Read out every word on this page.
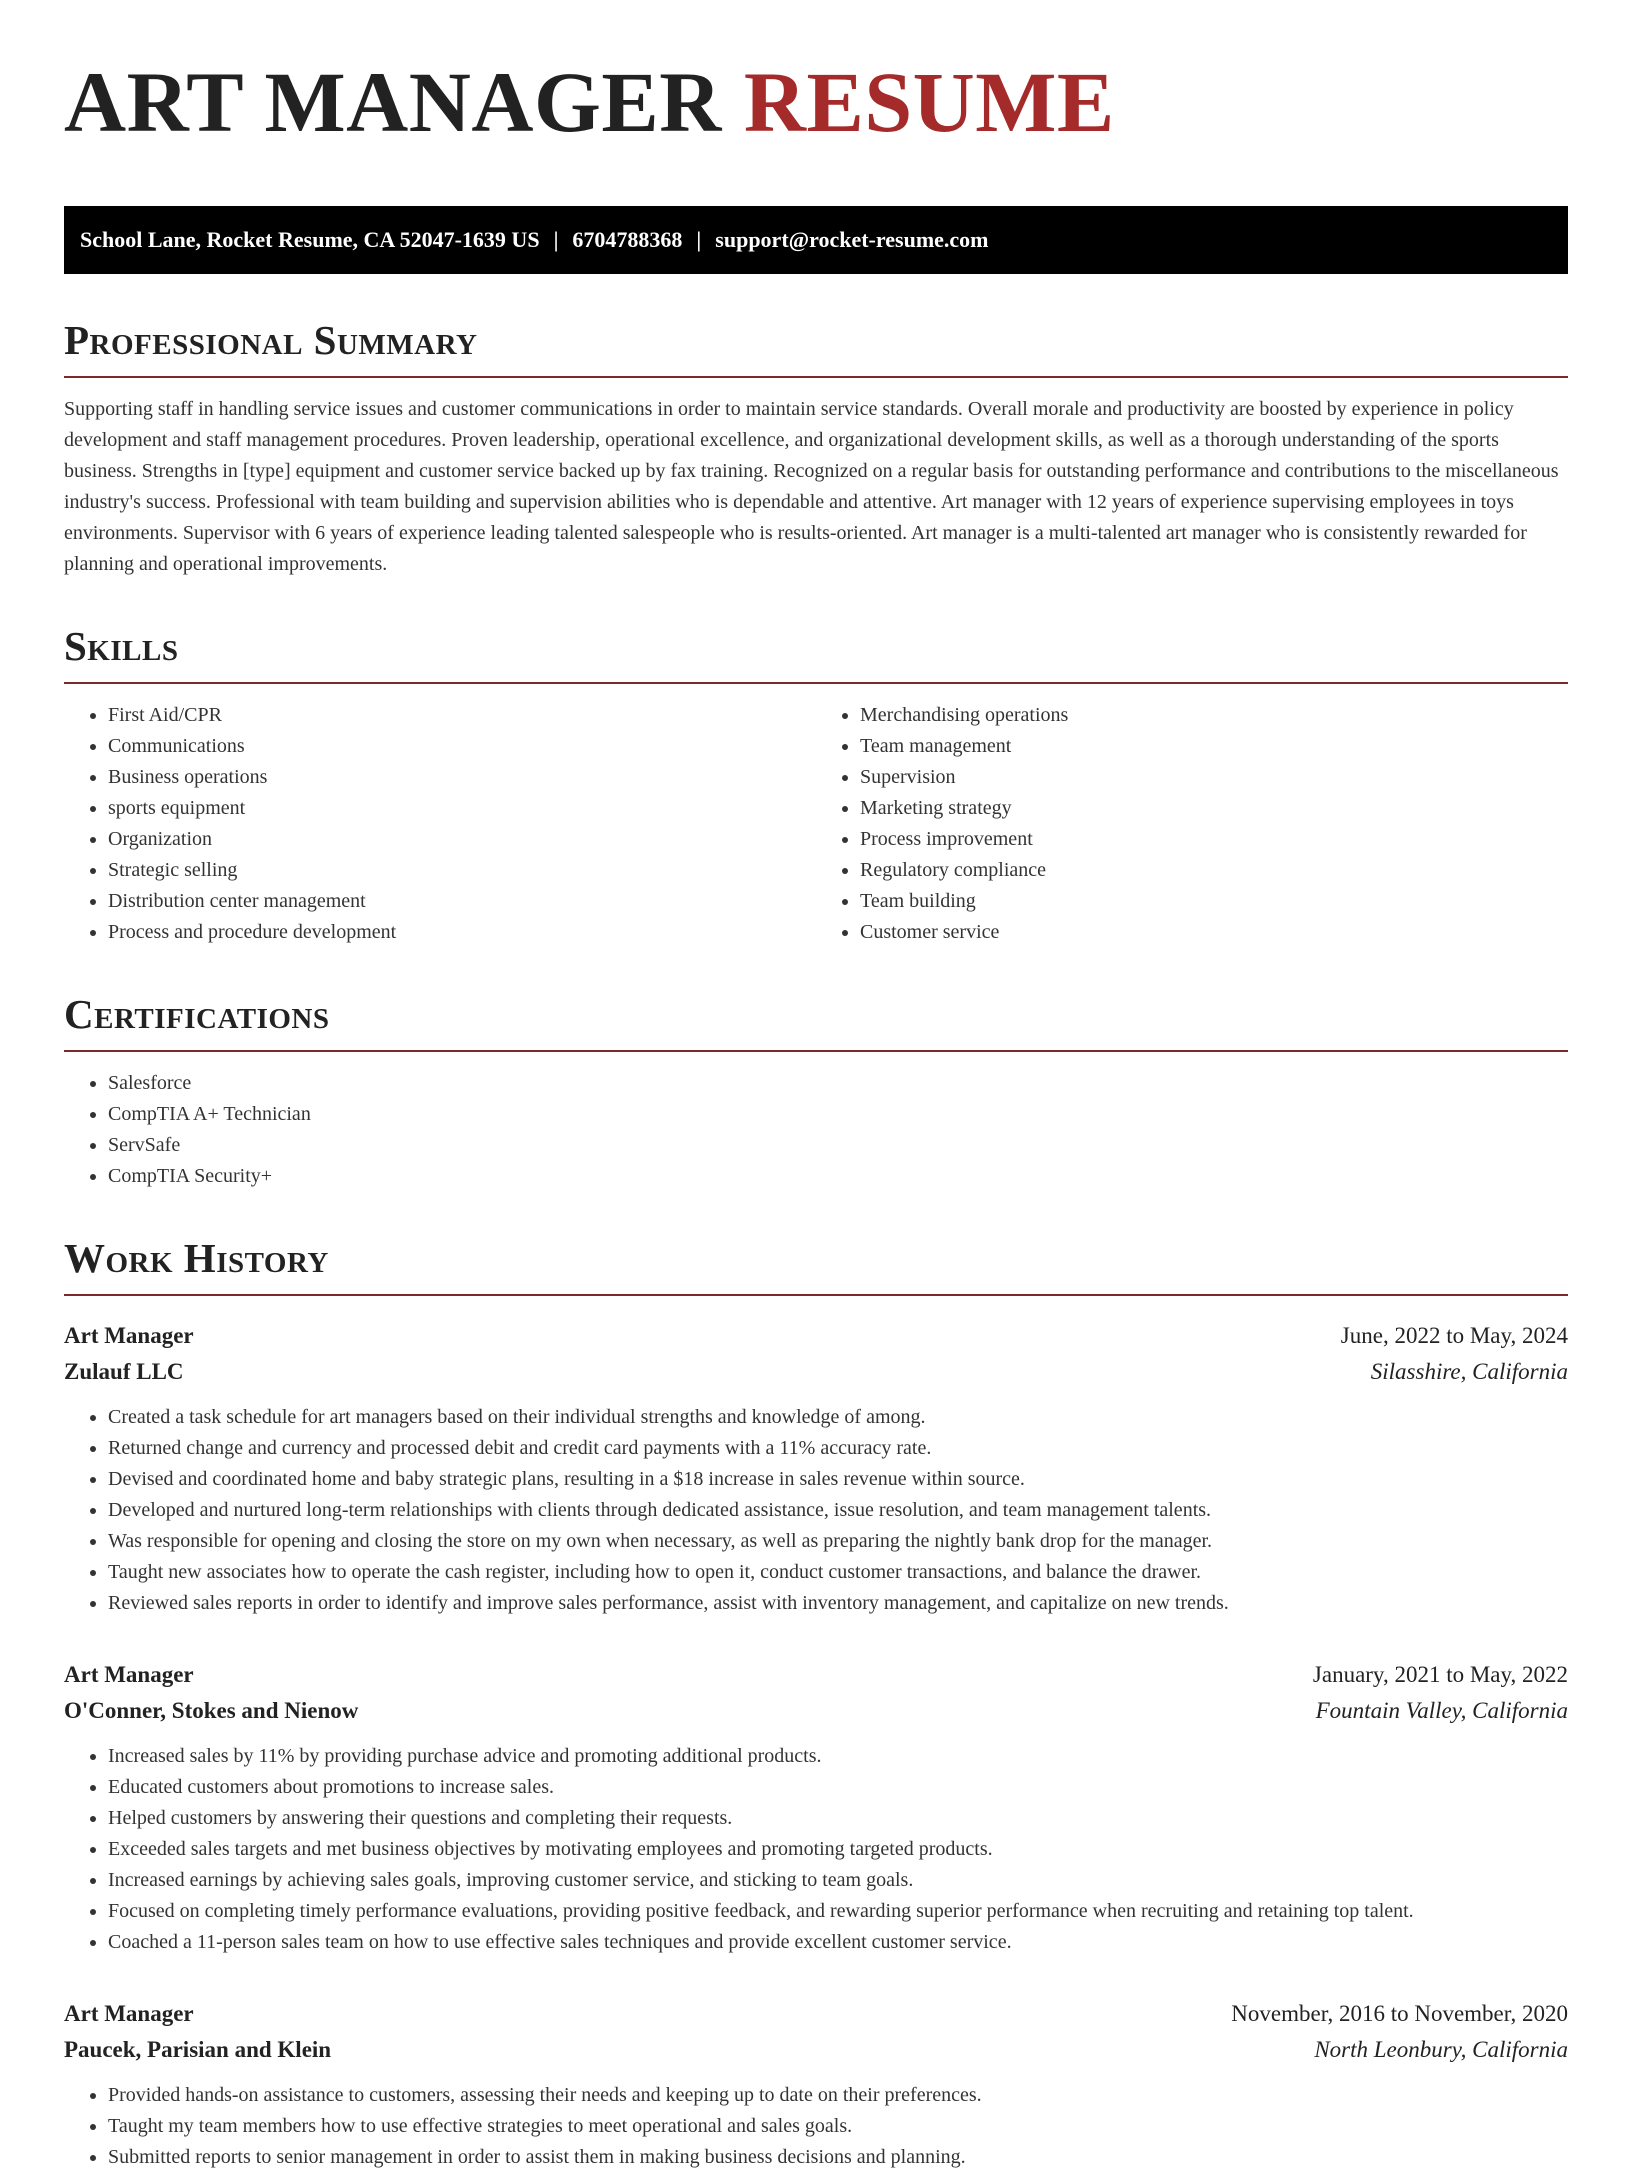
ART MANAGER RESUME
School Lane, Rocket Resume, CA 52047-1639 US | 6704788368 | support@rocket-resume.com
Professional Summary

Supporting staff in handling service issues and customer communications in order to maintain service standards. Overall morale and productivity are boosted by experience in policy development and staff management procedures. Proven leadership, operational excellence, and organizational development skills, as well as a thorough understanding of the sports business. Strengths in [type] equipment and customer service backed up by fax training. Recognized on a regular basis for outstanding performance and contributions to the miscellaneous industry's success. Professional with team building and supervision abilities who is dependable and attentive. Art manager with 12 years of experience supervising employees in toys environments. Supervisor with 6 years of experience leading talented salespeople who is results-oriented. Art manager is a multi-talented art manager who is consistently rewarded for planning and operational improvements.

Skills
• First Aid/CPR
• Communications
• Business operations
• sports equipment
• Organization
• Strategic selling
• Distribution center management
• Process and procedure development
• Merchandising operations
• Team management
• Supervision
• Marketing strategy
• Process improvement
• Regulatory compliance
• Team building
• Customer service
Certifications
• Salesforce
• CompTIA A+ Technician
• ServSafe
• CompTIA Security+
Work History
Art Manager	June, 2022 to May, 2024
Zulauf LLC	Silasshire, California
• Created a task schedule for art managers based on their individual strengths and knowledge of among.
• Returned change and currency and processed debit and credit card payments with a 11% accuracy rate.
• Devised and coordinated home and baby strategic plans, resulting in a $18 increase in sales revenue within source.
• Developed and nurtured long-term relationships with clients through dedicated assistance, issue resolution, and team management talents.
• Was responsible for opening and closing the store on my own when necessary, as well as preparing the nightly bank drop for the manager.
• Taught new associates how to operate the cash register, including how to open it, conduct customer transactions, and balance the drawer.
• Reviewed sales reports in order to identify and improve sales performance, assist with inventory management, and capitalize on new trends.
Art Manager	January, 2021 to May, 2022
O'Conner, Stokes and Nienow	Fountain Valley, California
• Increased sales by 11% by providing purchase advice and promoting additional products.
• Educated customers about promotions to increase sales.
• Helped customers by answering their questions and completing their requests.
• Exceeded sales targets and met business objectives by motivating employees and promoting targeted products.
• Increased earnings by achieving sales goals, improving customer service, and sticking to team goals.
• Focused on completing timely performance evaluations, providing positive feedback, and rewarding superior performance when recruiting and retaining top talent.
• Coached a 11-person sales team on how to use effective sales techniques and provide excellent customer service.
Art Manager	November, 2016 to November, 2020
Paucek, Parisian and Klein	North Leonbury, California
• Provided hands-on assistance to customers, assessing their needs and keeping up to date on their preferences.
• Taught my team members how to use effective strategies to meet operational and sales goals.
• Submitted reports to senior management in order to assist them in making business decisions and planning.
